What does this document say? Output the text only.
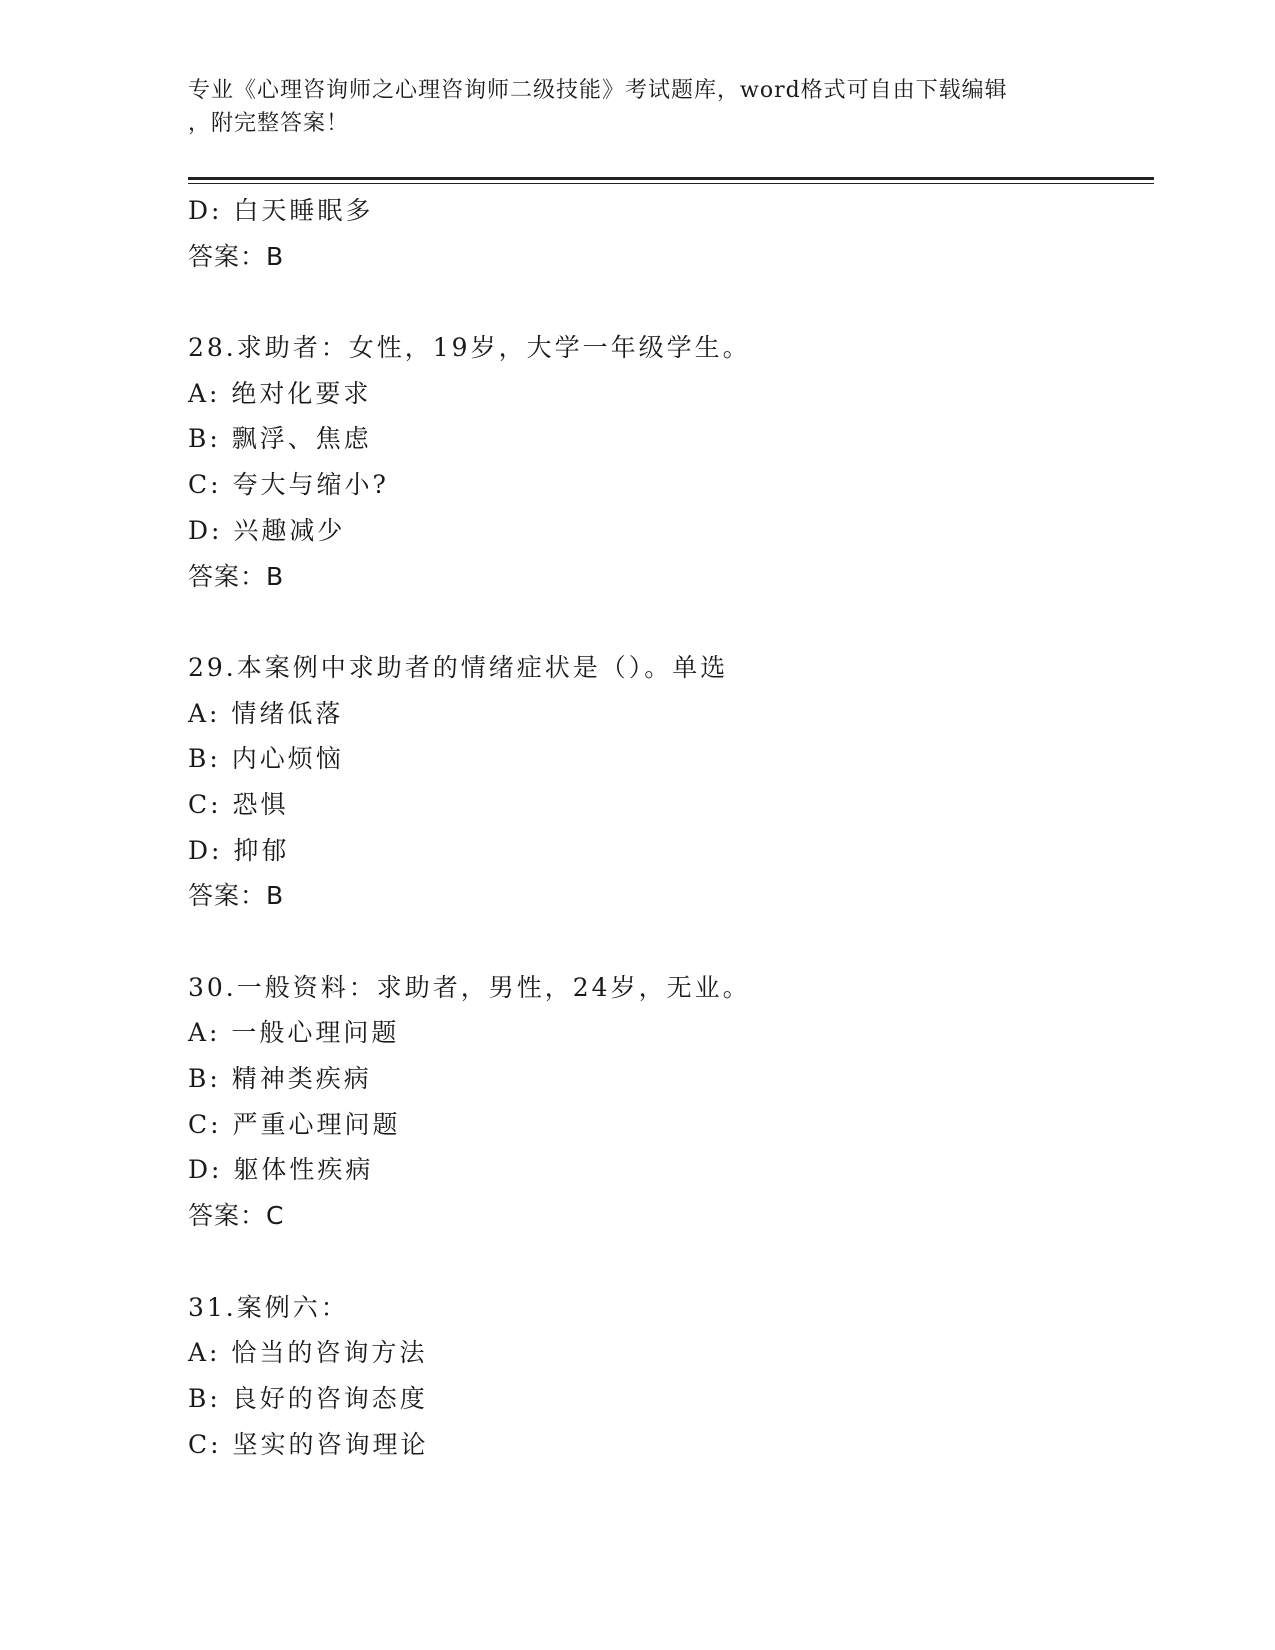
专业《心理咨询师之心理咨询师二级技能》考试题库，word格式可自由下载编辑
，附完整答案！
D: 白天睡眠多
答案：B
28.求助者：女性，19岁，大学一年级学生。
A: 绝对化要求
B: 飘浮、焦虑
C: 夸大与缩小?
D: 兴趣减少
答案：B
29.本案例中求助者的情绪症状是（）。单选
A: 情绪低落
B: 内心烦恼
C: 恐惧
D: 抑郁
答案：B
30.一般资料：求助者，男性，24岁，无业。
A: 一般心理问题
B: 精神类疾病
C: 严重心理问题
D: 躯体性疾病
答案：C
31.案例六：
A: 恰当的咨询方法
B: 良好的咨询态度
C: 坚实的咨询理论
